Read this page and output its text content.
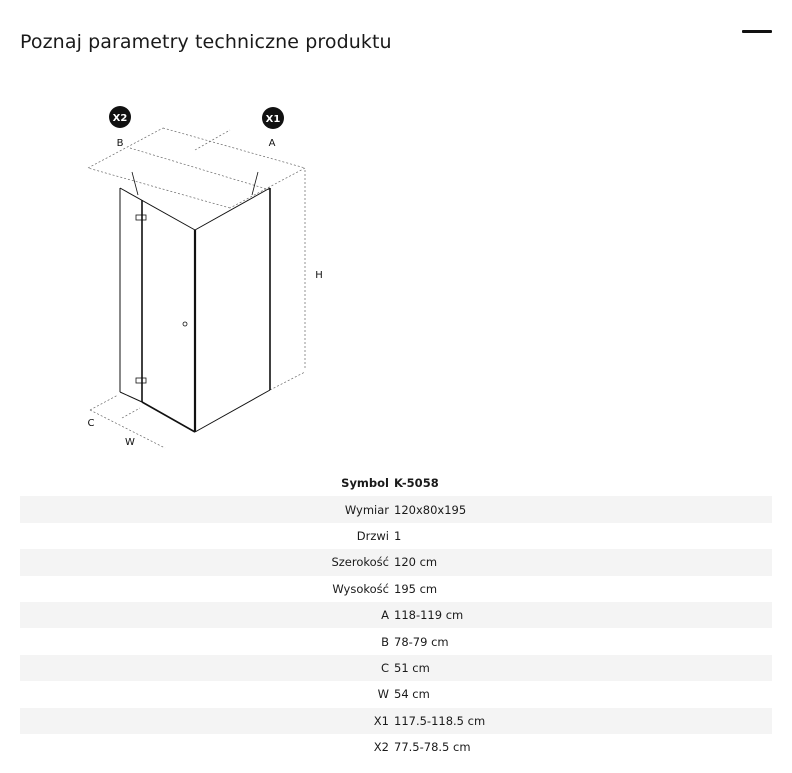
Poznaj parametry techniczne produktu
X2	X1
B	A
H
C
W
Symbol K-5058
Wymiar 120x80x195
Drzwi 1
Szerokość 120 cm
Wysokość 195 cm
A 118-119 cm
B 78-79 cm
C 51 cm
W 54 cm
X1 117.5-118.5 cm
X2 77.5-78.5 cm
